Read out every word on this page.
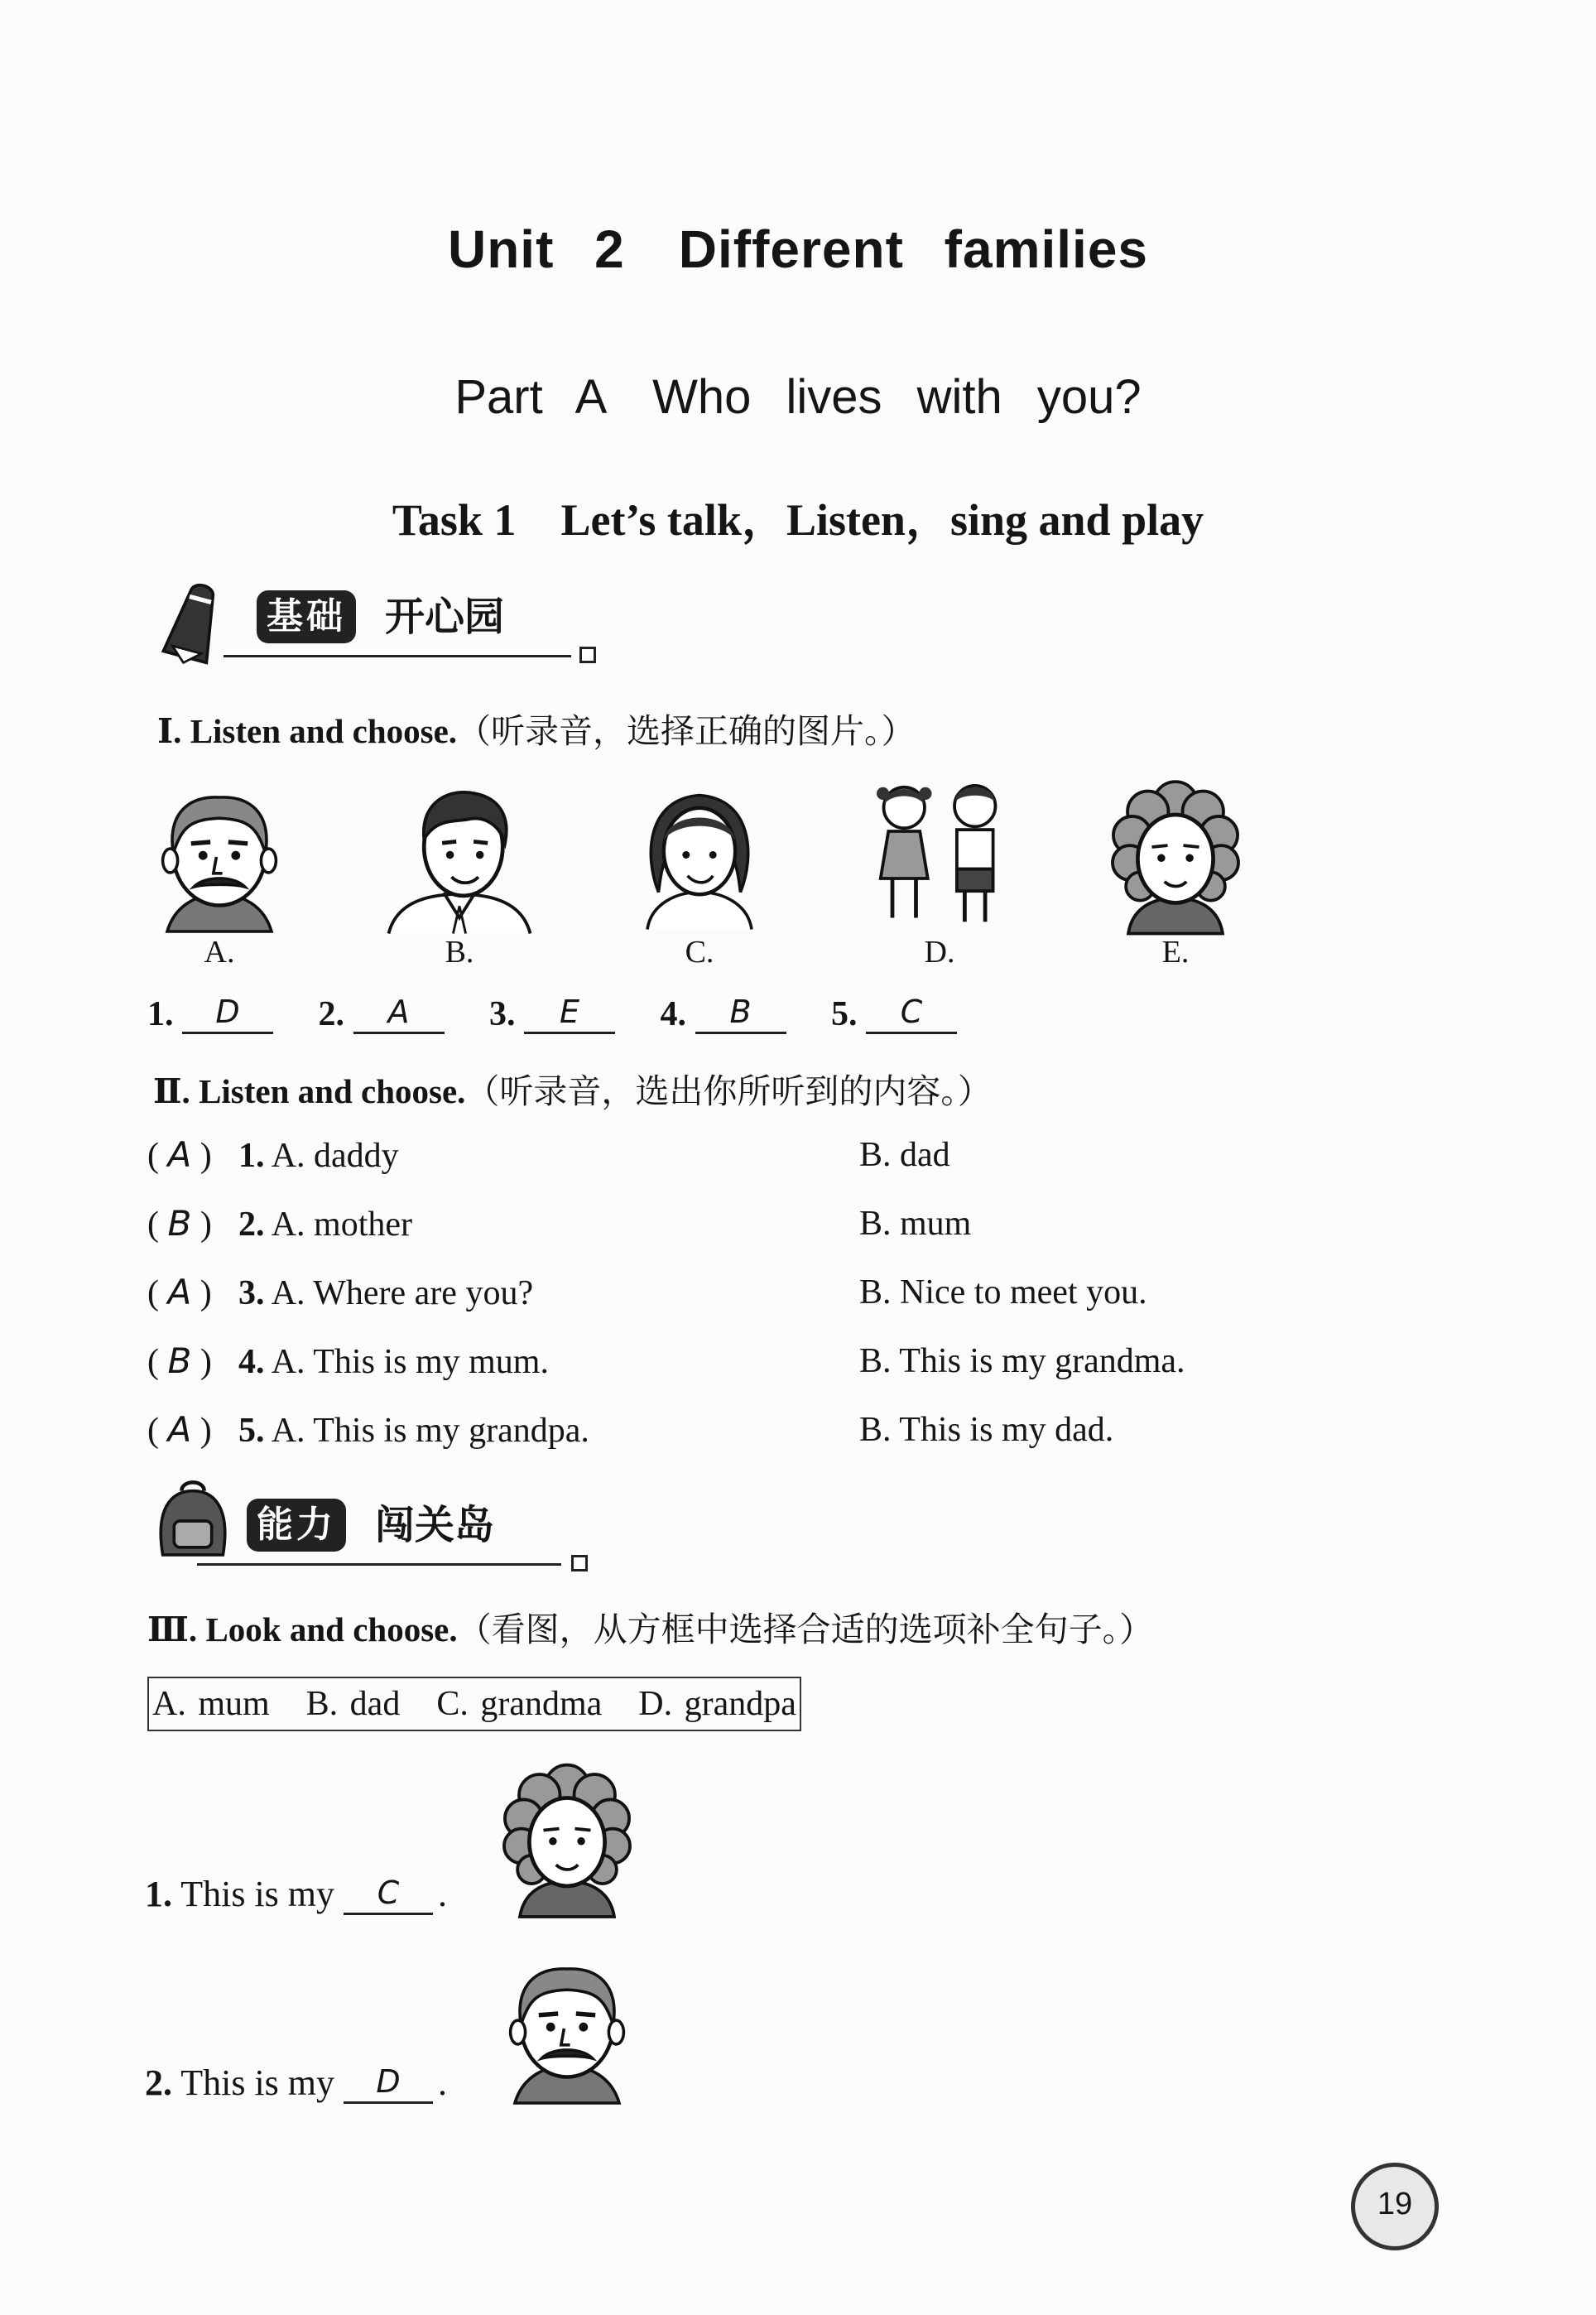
Unit 2　Different families
Part A　Who lives with you?
Task 1　Let’s talk，Listen，sing and play
基础 开心园
Ⅰ. Listen and choose.（听录音，选择正确的图片。）
A.	B.	C.	D.	E.
1. D 2. A 3. E 4. B 5. C
Ⅱ. Listen and choose.（听录音，选出你所听到的内容。）
( A ) 1. A. daddy	B. dad
( B ) 2. A. mother	B. mum
( A ) 3. A. Where are you?	B. Nice to meet you.
( B ) 4. A. This is my mum.	B. This is my grandma.
( A ) 5. A. This is my grandpa.	B. This is my dad.
能力 闯关岛
Ⅲ. Look and choose.（看图，从方框中选择合适的选项补全句子。）
A. mum B. dad C. grandma D. grandpa
1. This is my C .
2. This is my D .
19
